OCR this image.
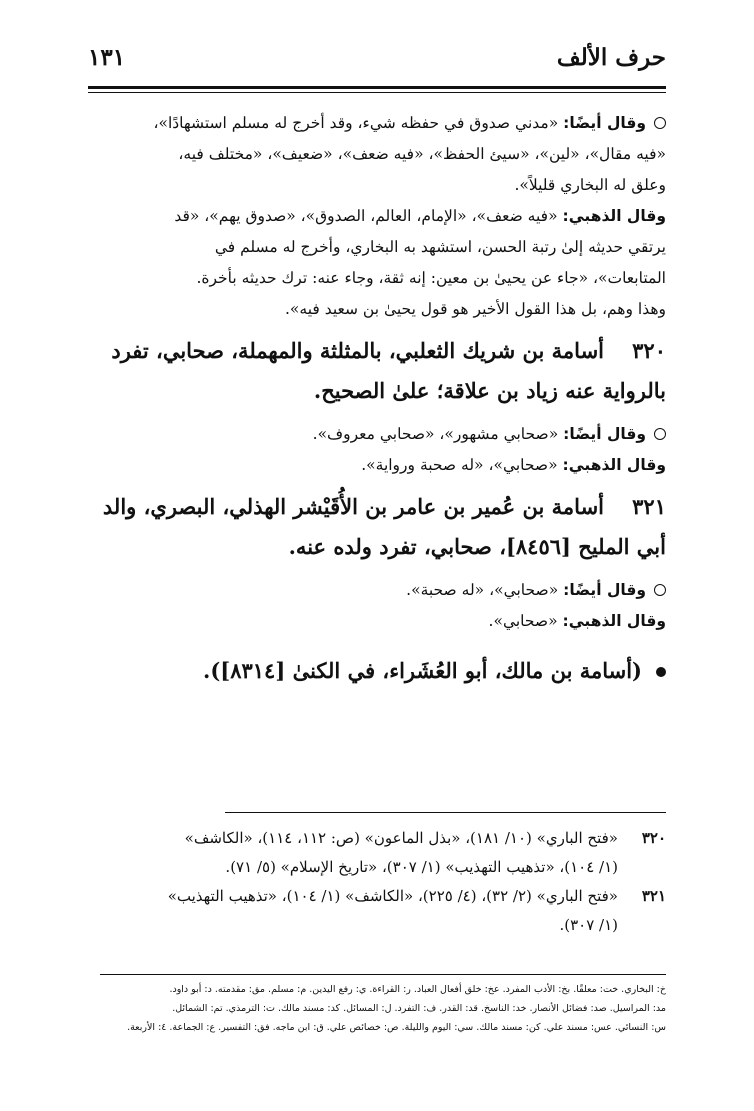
حرف الألف
١٣١
وقال أيضًا: «مدني صدوق في حفظه شيء، وقد أخرج له مسلم استشهادًا»،
«فيه مقال»، «لين»، «سيئ الحفظ»، «فيه ضعف»، «ضعيف»، «مختلف فيه،
وعلق له البخاري قليلاً».
وقال الذهبي: «فيه ضعف»، «الإمام، العالم، الصدوق»، «صدوق يهم»، «قد
يرتقي حديثه إلىٰ رتبة الحسن، استشهد به البخاري، وأخرج له مسلم في
المتابعات»، «جاء عن يحيىٰ بن معين: إنه ثقة، وجاء عنه: ترك حديثه بأخرة.
وهذا وهم، بل هذا القول الأخير هو قول يحيىٰ بن سعيد فيه».
٣٢٠أسامة بن شريك الثعلبي، بالمثلثة والمهملة، صحابي، تفرد
بالرواية عنه زياد بن علاقة؛ علىٰ الصحيح.
وقال أيضًا: «صحابي مشهور»، «صحابي معروف».
وقال الذهبي: «صحابي»، «له صحبة ورواية».
٣٢١أسامة بن عُمير بن عامر بن الأُقَيْشر الهذلي، البصري، والد
أبي المليح [٨٤٥٦]، صحابي، تفرد ولده عنه.
وقال أيضًا: «صحابي»، «له صحبة».
وقال الذهبي: «صحابي».
(أسامة بن مالك، أبو العُشَراء، في الكنىٰ [٨٣١٤]).
٣٢٠
«فتح الباري» (١٠/ ١٨١)، «بذل الماعون» (ص: ١١٢، ١١٤)، «الكاشف»
(١/ ١٠٤)، «تذهيب التهذيب» (١/ ٣٠٧)، «تاريخ الإسلام» (٥/ ٧١).
٣٢١
«فتح الباري» (٢/ ٣٢)، (٤/ ٢٢٥)، «الكاشف» (١/ ١٠٤)، «تذهيب التهذيب»
(١/ ٣٠٧).
خ: البخاري. خت: معلقًا. بخ: الأدب المفرد. عخ: خلق أفعال العباد. ر: القراءة. ي: رفع اليدين. م: مسلم. مق: مقدمته. د: أبو داود.
مد: المراسيل. صد: فضائل الأنصار. خد: الناسخ. قد: القدر. ف: التفرد. ل: المسائل. كد: مسند مالك. ت: الترمذي. تم: الشمائل.
س: النسائي. عس: مسند علي. كن: مسند مالك. سي: اليوم والليلة. ص: خصائص علي. ق: ابن ماجه. فق: التفسير. ع: الجماعة. ٤: الأربعة.
